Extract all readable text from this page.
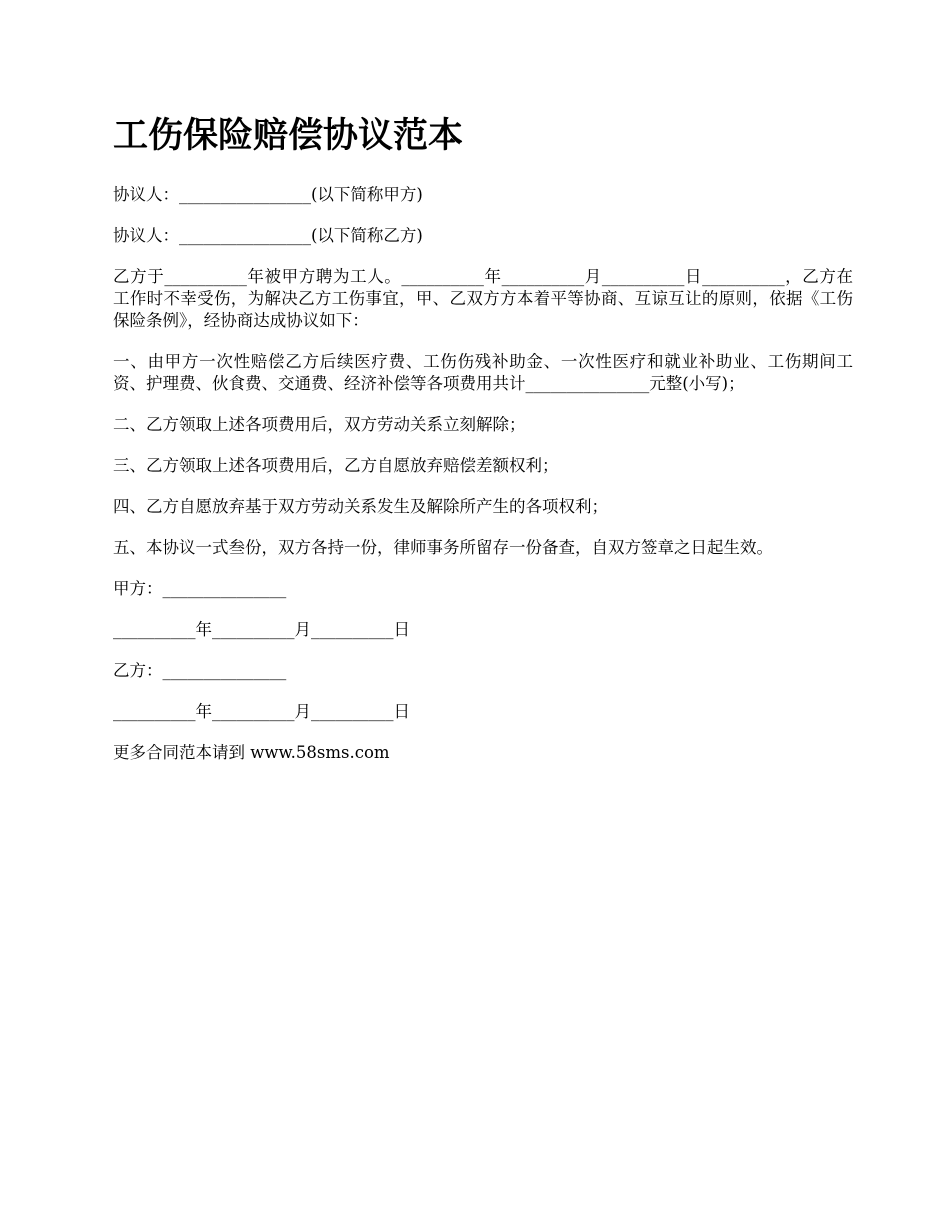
工伤保险赔偿协议范本

协议人：________________(以下简称甲方)

协议人：________________(以下简称乙方)

乙方于__________年被甲方聘为工人。__________年__________月__________日__________，乙方在工作时不幸受伤，为解决乙方工伤事宜，甲、乙双方方本着平等协商、互谅互让的原则，依据《工伤保险条例》，经协商达成协议如下：

一、由甲方一次性赔偿乙方后续医疗费、工伤伤残补助金、一次性医疗和就业补助业、工伤期间工资、护理费、伙食费、交通费、经济补偿等各项费用共计_______________元整(小写)；

二、乙方领取上述各项费用后，双方劳动关系立刻解除；

三、乙方领取上述各项费用后，乙方自愿放弃赔偿差额权利；

四、乙方自愿放弃基于双方劳动关系发生及解除所产生的各项权利；

五、本协议一式叁份，双方各持一份，律师事务所留存一份备查，自双方签章之日起生效。

甲方：_______________

__________年__________月__________日

乙方：_______________

__________年__________月__________日

更多合同范本请到 www.58sms.com
